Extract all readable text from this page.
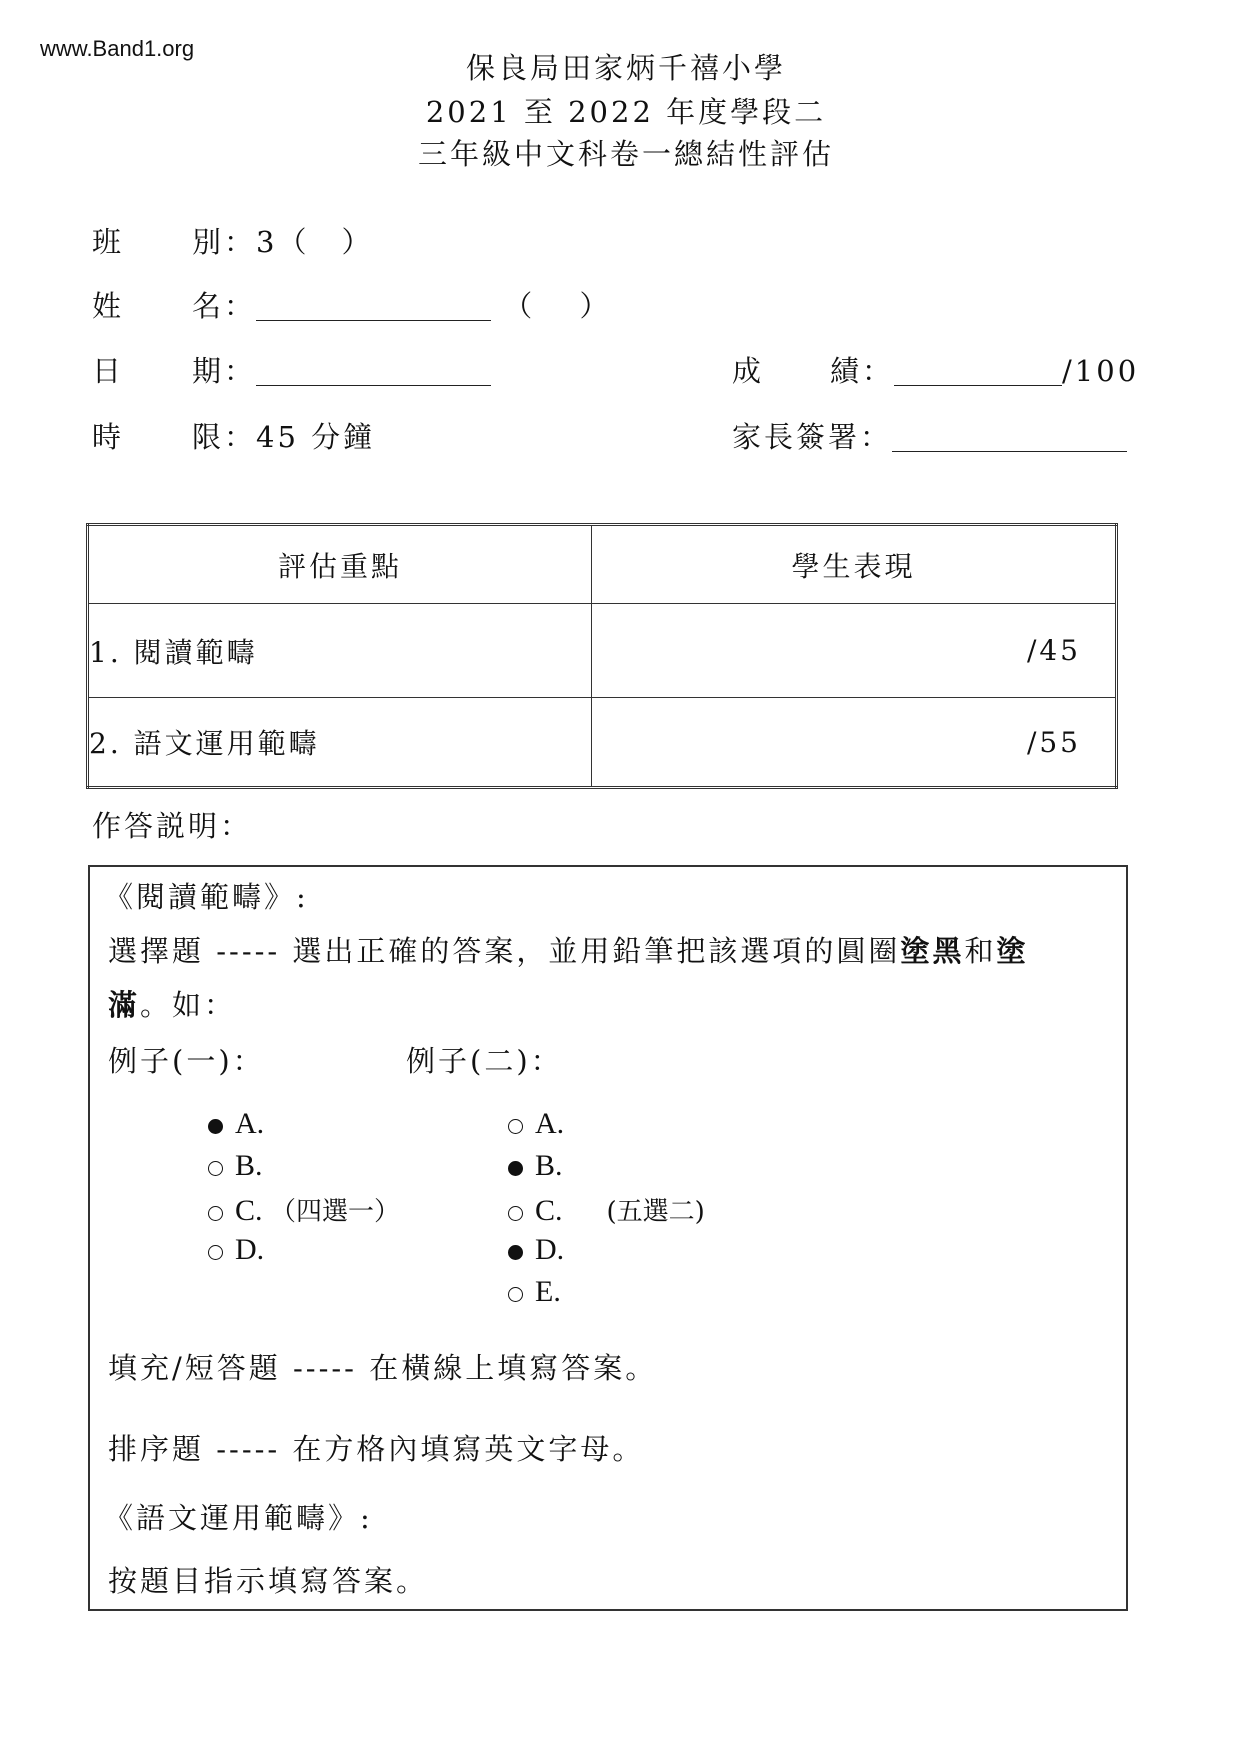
www.Band1.org
保良局田家炳千禧小學
2021 至 2022 年度學段二
三年級中文科卷一總結性評估
班 別：3（　）
姓 名：	（　 ）
日 期：	成 績：	/100
時 限：45 分鐘	家長簽署：
評估重點	學生表現
1. 閱讀範疇	/45
2. 語文運用範疇	/55
作答説明：
《閱讀範疇》:
選擇題 ----- 選出正確的答案，並用鉛筆把該選項的圓圈塗黑和塗
滿。如：
例子(一)：	例子(二)：
A.
B.
C. （四選一）
D.
A.
B.
C. (五選二)
D.
E.
填充/短答題 ----- 在橫線上填寫答案。
排序題 ----- 在方格內填寫英文字母。
《語文運用範疇》:
按題目指示填寫答案。
